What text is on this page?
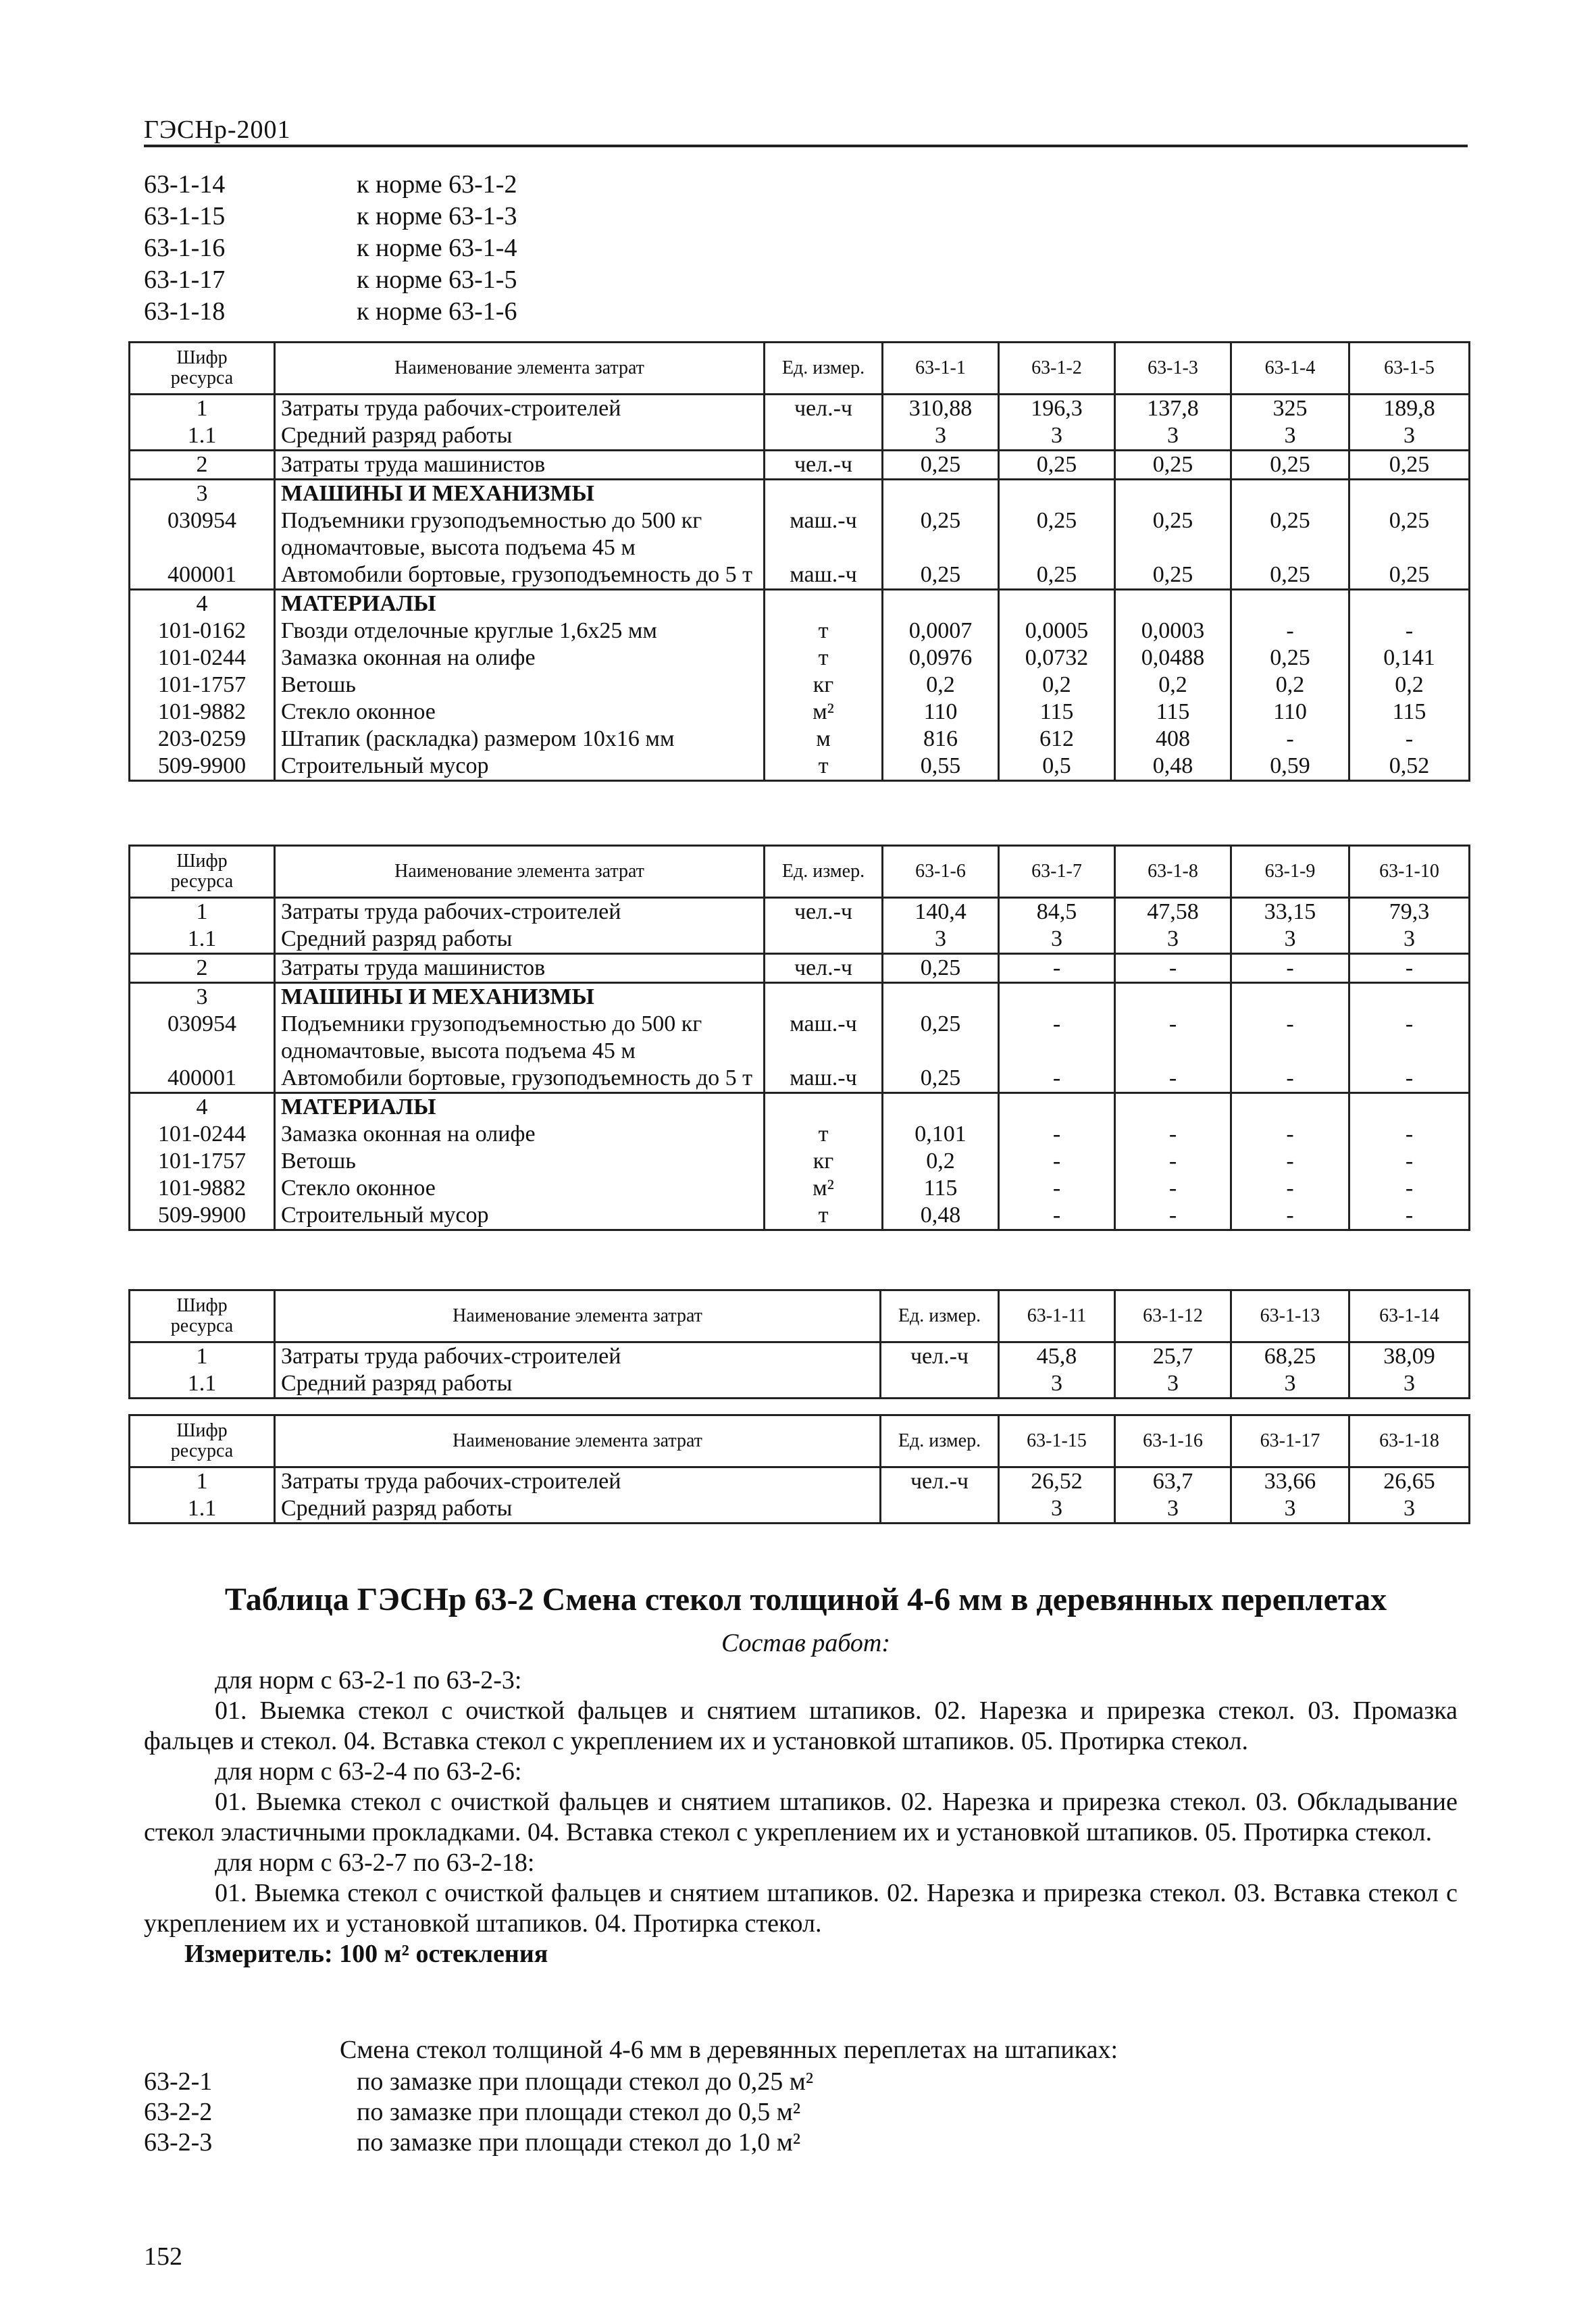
ГЭСНр-2001
63-1-14	к норме 63-1-2
63-1-15	к норме 63-1-3
63-1-16	к норме 63-1-4
63-1-17	к норме 63-1-5
63-1-18	к норме 63-1-6
Шифр
ресурса	Наименование элемента затрат	Ед. измер.	63-1-1	63-1-2	63-1-3	63-1-4	63-1-5
1	Затраты труда рабочих-строителей	чел.-ч	310,88	196,3	137,8	325	189,8
1.1	Средний разряд работы		3	3	3	3	3
2	Затраты труда машинистов	чел.-ч	0,25	0,25	0,25	0,25	0,25
3	МАШИНЫ И МЕХАНИЗМЫ						
030954	Подъемники грузоподъемностью до 500 кг одномачтовые, высота подъема 45 м	маш.-ч	0,25	0,25	0,25	0,25	0,25
400001	Автомобили бортовые, грузоподъемность до 5 т	маш.-ч	0,25	0,25	0,25	0,25	0,25
4	МАТЕРИАЛЫ						
101-0162	Гвозди отделочные круглые 1,6x25 мм	т	0,0007	0,0005	0,0003	-	-
101-0244	Замазка оконная на олифе	т	0,0976	0,0732	0,0488	0,25	0,141
101-1757	Ветошь	кг	0,2	0,2	0,2	0,2	0,2
101-9882	Стекло оконное	м²	110	115	115	110	115
203-0259	Штапик (раскладка) размером 10x16 мм	м	816	612	408	-	-
509-9900	Строительный мусор	т	0,55	0,5	0,48	0,59	0,52
Шифр
ресурса	Наименование элемента затрат	Ед. измер.	63-1-6	63-1-7	63-1-8	63-1-9	63-1-10
1	Затраты труда рабочих-строителей	чел.-ч	140,4	84,5	47,58	33,15	79,3
1.1	Средний разряд работы		3	3	3	3	3
2	Затраты труда машинистов	чел.-ч	0,25	-	-	-	-
3	МАШИНЫ И МЕХАНИЗМЫ						
030954	Подъемники грузоподъемностью до 500 кг одномачтовые, высота подъема 45 м	маш.-ч	0,25	-	-	-	-
400001	Автомобили бортовые, грузоподъемность до 5 т	маш.-ч	0,25	-	-	-	-
4	МАТЕРИАЛЫ						
101-0244	Замазка оконная на олифе	т	0,101	-	-	-	-
101-1757	Ветошь	кг	0,2	-	-	-	-
101-9882	Стекло оконное	м²	115	-	-	-	-
509-9900	Строительный мусор	т	0,48	-	-	-	-
Шифр
ресурса	Наименование элемента затрат	Ед. измер.	63-1-11	63-1-12	63-1-13	63-1-14
1	Затраты труда рабочих-строителей	чел.-ч	45,8	25,7	68,25	38,09
1.1	Средний разряд работы		3	3	3	3
Шифр
ресурса	Наименование элемента затрат	Ед. измер.	63-1-15	63-1-16	63-1-17	63-1-18
1	Затраты труда рабочих-строителей	чел.-ч	26,52	63,7	33,66	26,65
1.1	Средний разряд работы		3	3	3	3
Таблица ГЭСНр 63-2 Смена стекол толщиной 4-6 мм в деревянных переплетах
Состав работ:

для норм с 63-2-1 по 63-2-3:

01. Выемка стекол с очисткой фальцев и снятием штапиков. 02. Нарезка и прирезка стекол. 03. Промазка фальцев и стекол. 04. Вставка стекол с укреплением их и установкой штапиков. 05. Протирка стекол.

для норм с 63-2-4 по 63-2-6:

01. Выемка стекол с очисткой фальцев и снятием штапиков. 02. Нарезка и прирезка стекол. 03. Обкладывание стекол эластичными прокладками. 04. Вставка стекол с укреплением их и установкой штапиков. 05. Протирка стекол.

для норм с 63-2-7 по 63-2-18:

01. Выемка стекол с очисткой фальцев и снятием штапиков. 02. Нарезка и прирезка стекол. 03. Вставка стекол с укреплением их и установкой штапиков. 04. Протирка стекол.

Измеритель: 100 м² остекления

Смена стекол толщиной 4-6 мм в деревянных переплетах на штапиках:
63-2-1	по замазке при площади стекол до 0,25 м²
63-2-2	по замазке при площади стекол до 0,5 м²
63-2-3	по замазке при площади стекол до 1,0 м²
152
